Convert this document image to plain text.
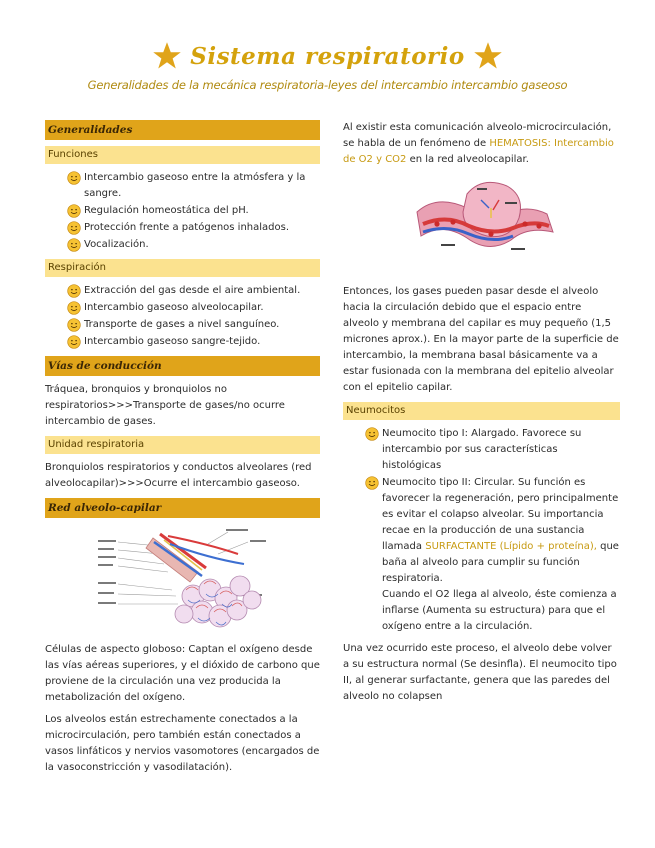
Sistema respiratorio
Generalidades de la mecánica respiratoria-leyes del intercambio intercambio gaseoso
Generalidades
Funciones
Intercambio gaseoso entre la atmósfera y la sangre.
Regulación homeostática del pH.
Protección frente a patógenos inhalados.
Vocalización.
Respiración
Extracción del gas desde el aire ambiental.
Intercambio gaseoso alveolocapilar.
Transporte de gases a nivel sanguíneo.
Intercambio gaseoso sangre-tejido.
Vías de conducción

Tráquea, bronquios y bronquiolos no respiratorios>>>Transporte de gases/no ocurre intercambio de gases.

Unidad respiratoria

Bronquiolos respiratorios y conductos alveolares (red alveolocapilar)>>>Ocurre el intercambio gaseoso.

Red alveolo-capilar

Células de aspecto globoso: Captan el oxígeno desde las vías aéreas superiores, y el dióxido de carbono que proviene de la circulación una vez producida la metabolización del oxígeno.

Los alveolos están estrechamente conectados a la microcirculación, pero también están conectados a vasos linfáticos y nervios vasomotores (encargados de la vasoconstricción y vasodilatación).

Al existir esta comunicación alveolo-microcirculación, se habla de un fenómeno de HEMATOSIS: Intercambio de O2 y CO2 en la red alveolocapilar.

Entonces, los gases pueden pasar desde el alveolo hacia la circulación debido que el espacio entre alveolo y membrana del capilar es muy pequeño (1,5 micrones aprox.). En la mayor parte de la superficie de intercambio, la membrana basal básicamente va a estar fusionada con la membrana del epitelio alveolar con el epitelio capilar.

Neumocitos
Neumocito tipo I: Alargado. Favorece su intercambio por sus características histológicas
Neumocito tipo II: Circular. Su función es favorecer la regeneración, pero principalmente es evitar el colapso alveolar. Su importancia recae en la producción de una sustancia llamada SURFACTANTE (Lípido + proteína), que baña al alveolo para cumplir su función respiratoria.
Cuando el O2 llega al alveolo, éste comienza a inflarse (Aumenta su estructura) para que el oxígeno entre a la circulación.

Una vez ocurrido este proceso, el alveolo debe volver a su estructura normal (Se desinfla). El neumocito tipo II, al generar surfactante, genera que las paredes del alveolo no colapsen
